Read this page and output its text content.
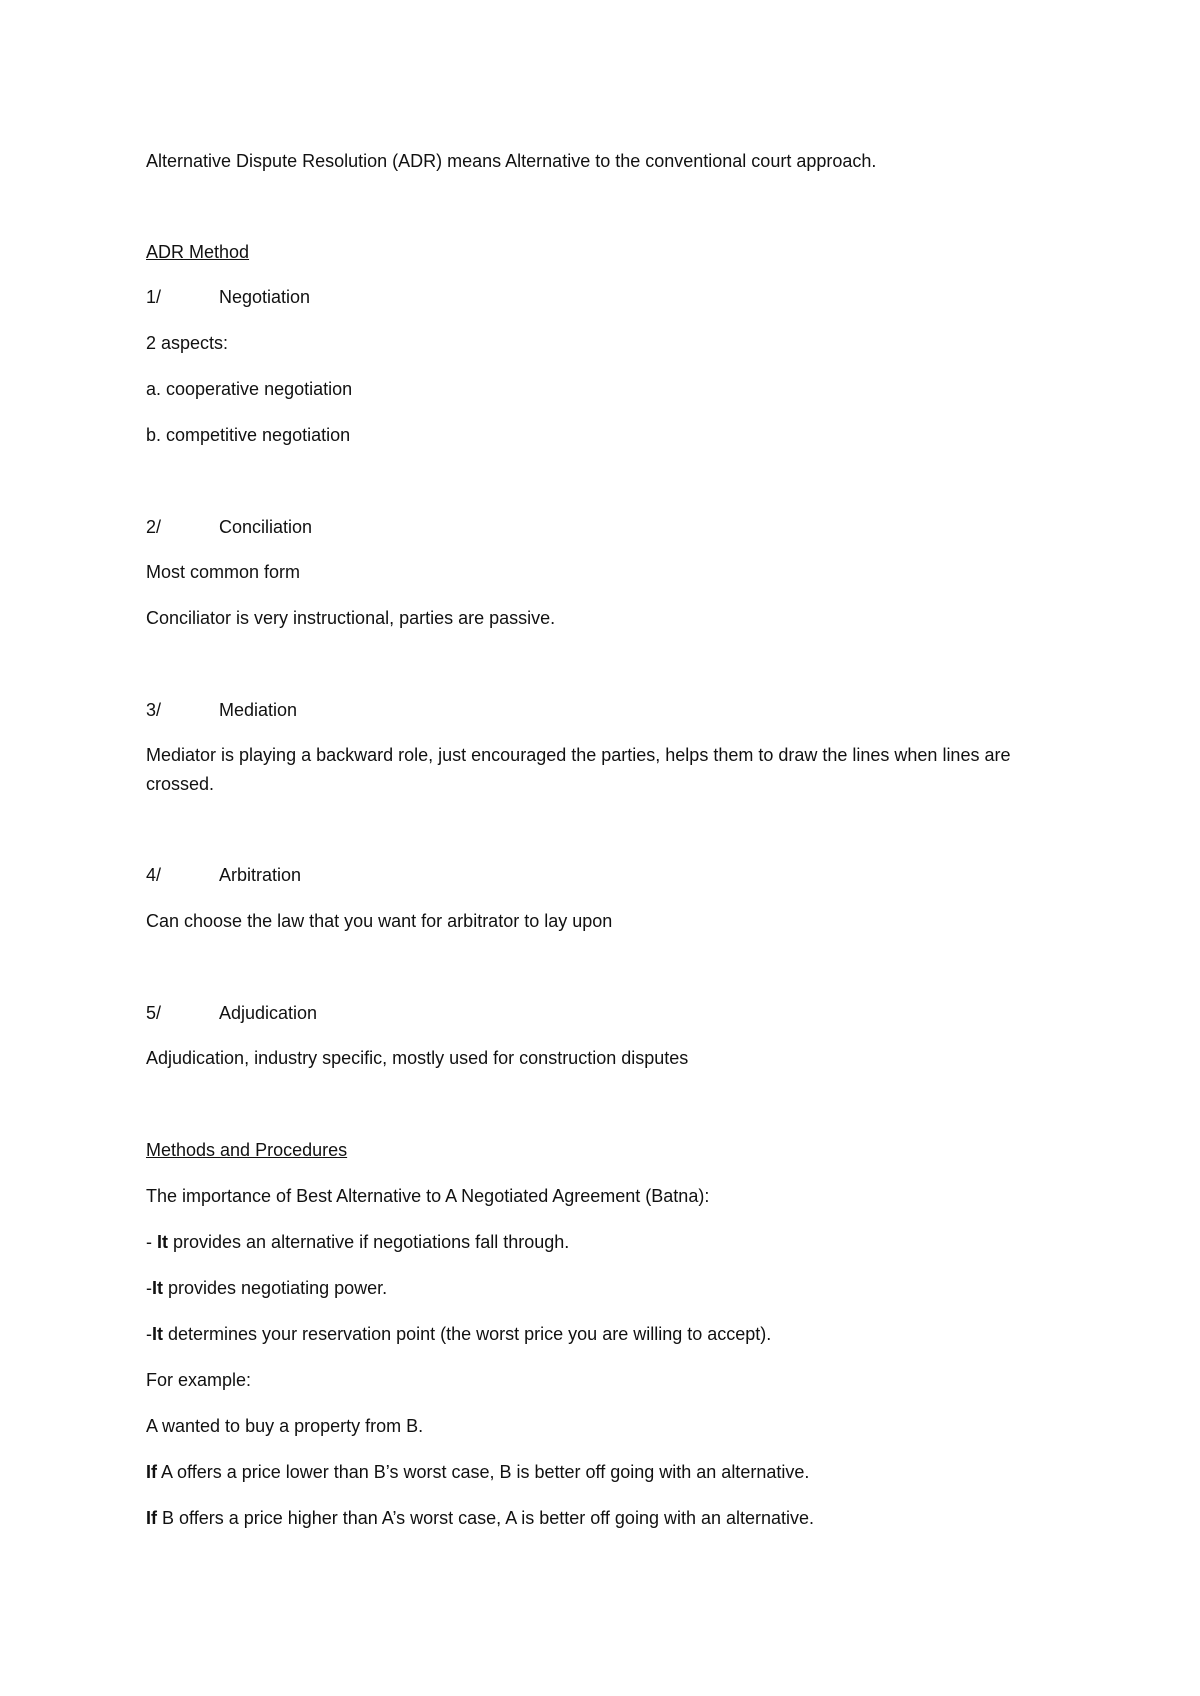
Alternative Dispute Resolution (ADR) means Alternative to the conventional court approach.

ADR Method

1/	Negotiation

2 aspects:

a. cooperative negotiation

b. competitive negotiation

2/	Conciliation

Most common form

Conciliator is very instructional, parties are passive.

3/	Mediation

Mediator is playing a backward role, just encouraged the parties, helps them to draw the lines when lines are crossed.

4/	Arbitration

Can choose the law that you want for arbitrator to lay upon

5/	Adjudication

Adjudication, industry specific, mostly used for construction disputes

Methods and Procedures

The importance of Best Alternative to A Negotiated Agreement (Batna):

- It provides an alternative if negotiations fall through.

-It provides negotiating power.

-It determines your reservation point (the worst price you are willing to accept).

For example:

A wanted to buy a property from B.

If A offers a price lower than B’s worst case, B is better off going with an alternative.

If B offers a price higher than A’s worst case, A is better off going with an alternative.
